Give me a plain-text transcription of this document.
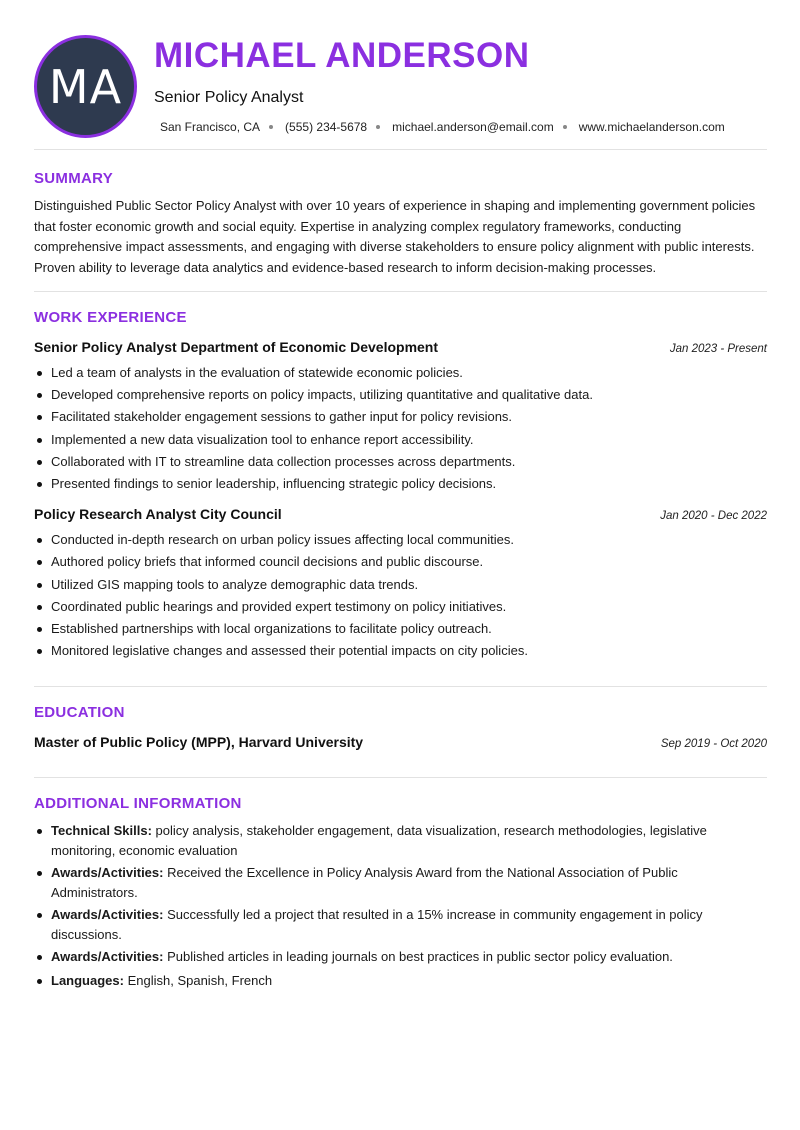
MA
MICHAEL ANDERSON
Senior Policy Analyst
San Francisco, CA (555) 234-5678 michael.anderson@email.com www.michaelanderson.com
SUMMARY
Distinguished Public Sector Policy Analyst with over 10 years of experience in shaping and implementing government policies that foster economic growth and social equity. Expertise in analyzing complex regulatory frameworks, conducting comprehensive impact assessments, and engaging with diverse stakeholders to ensure policy alignment with public interests. Proven ability to leverage data analytics and evidence-based research to inform decision-making processes.
WORK EXPERIENCE
Senior Policy Analyst Department of Economic Development	Jan 2023 - Present
Led a team of analysts in the evaluation of statewide economic policies.
Developed comprehensive reports on policy impacts, utilizing quantitative and qualitative data.
Facilitated stakeholder engagement sessions to gather input for policy revisions.
Implemented a new data visualization tool to enhance report accessibility.
Collaborated with IT to streamline data collection processes across departments.
Presented findings to senior leadership, influencing strategic policy decisions.
Policy Research Analyst City Council	Jan 2020 - Dec 2022
Conducted in-depth research on urban policy issues affecting local communities.
Authored policy briefs that informed council decisions and public discourse.
Utilized GIS mapping tools to analyze demographic data trends.
Coordinated public hearings and provided expert testimony on policy initiatives.
Established partnerships with local organizations to facilitate policy outreach.
Monitored legislative changes and assessed their potential impacts on city policies.
EDUCATION
Master of Public Policy (MPP), Harvard University	Sep 2019 - Oct 2020
ADDITIONAL INFORMATION
Technical Skills: policy analysis, stakeholder engagement, data visualization, research methodologies, legislative monitoring, economic evaluation
Awards/Activities: Received the Excellence in Policy Analysis Award from the National Association of Public Administrators.
Awards/Activities: Successfully led a project that resulted in a 15% increase in community engagement in policy discussions.
Awards/Activities: Published articles in leading journals on best practices in public sector policy evaluation.
Languages: English, Spanish, French
